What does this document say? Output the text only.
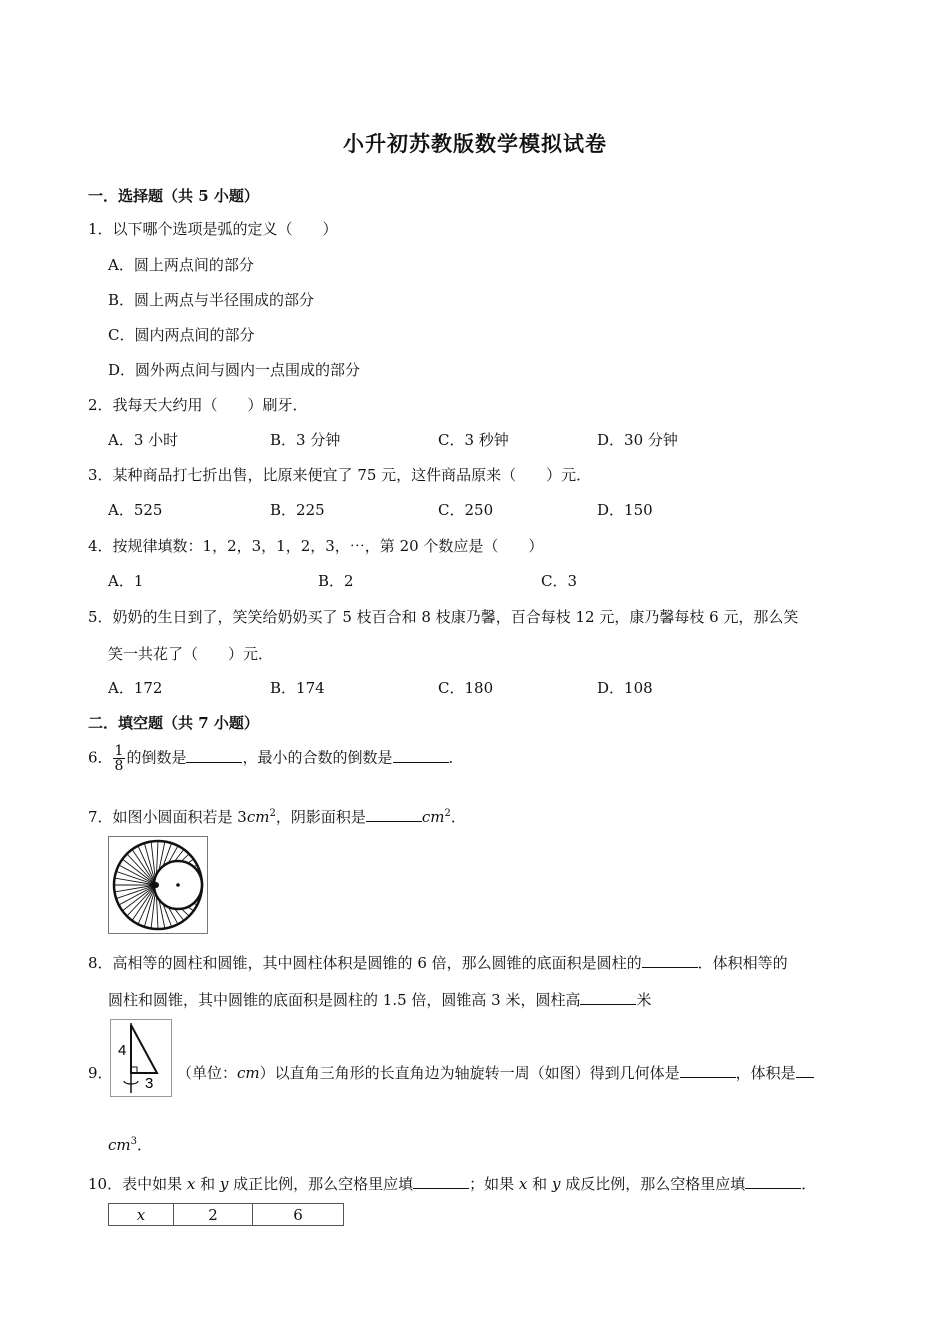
小升初苏教版数学模拟试卷
一．选择题（共 5 小题）
1．以下哪个选项是弧的定义（　　）
A．圆上两点间的部分
B．圆上两点与半径围成的部分
C．圆内两点间的部分
D．圆外两点间与圆内一点围成的部分
2．我每天大约用（　　）刷牙．
A．3 小时	B．3 分钟	C．3 秒钟	D．30 分钟
3．某种商品打七折出售，比原来便宜了 75 元，这件商品原来（　　）元．
A．525	B．225	C．250	D．150
4．按规律填数：1，2，3，1，2，3，⋯，第 20 个数应是（　　）
A．1	B．2	C．3
5．奶奶的生日到了，笑笑给奶奶买了 5 枝百合和 8 枝康乃馨，百合每枝 12 元，康乃馨每枝 6 元，那么笑
笑一共花了（　　）元．
A．172	B．174	C．180	D．108
二．填空题（共 7 小题）
6． $\frac{1}{8}$ 的倒数是	，最小的合数的倒数是	．
7．如图小圆面积若是 $3cm^2$，阴影面积是	$cm^2$．
8．高相等的圆柱和圆锥，其中圆柱体积是圆锥的 6 倍，那么圆锥的底面积是圆柱的	．体积相等的
圆柱和圆锥，其中圆锥的底面积是圆柱的 1.5 倍，圆锥高 3 米，圆柱高	米
9．
4
3
（单位：cm）以直角三角形的长直角边为轴旋转一周（如图）得到几何体是	，体积是
$cm^3$．
10．表中如果 x 和 y 成正比例，那么空格里应填	；如果 x 和 y 成反比例，那么空格里应填	．
x	2	6
